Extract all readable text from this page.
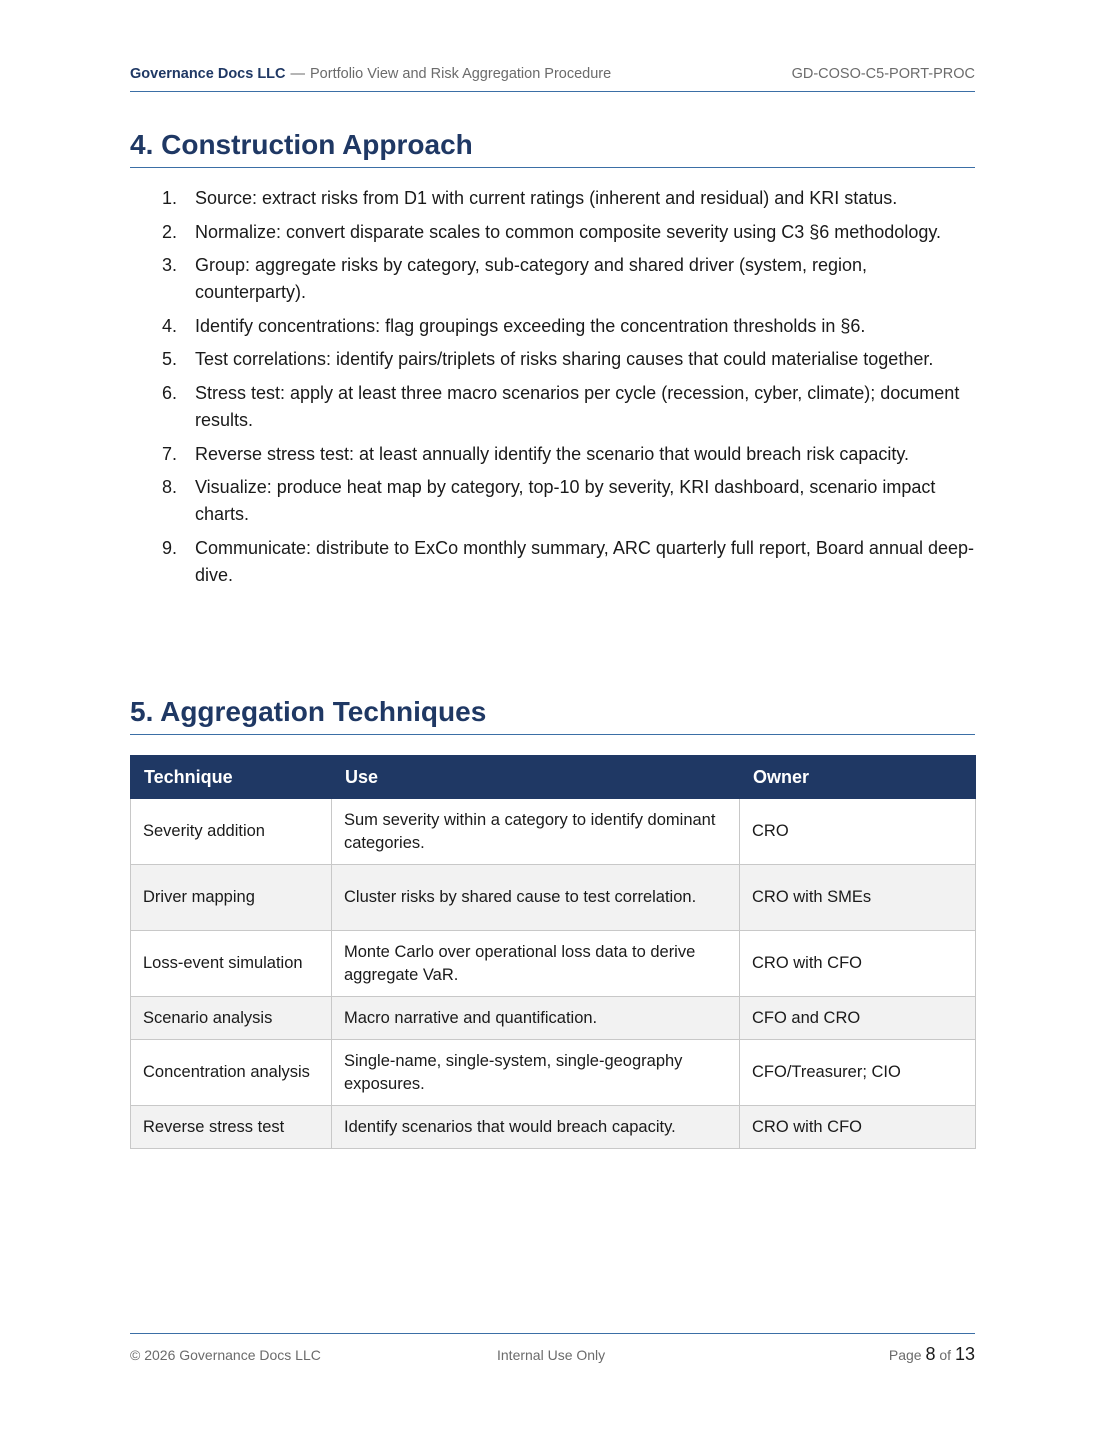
Governance Docs LLC — Portfolio View and Risk Aggregation Procedure	GD-COSO-C5-PORT-PROC
4. Construction Approach
1. Source: extract risks from D1 with current ratings (inherent and residual) and KRI status.
2. Normalize: convert disparate scales to common composite severity using C3 §6 methodology.
3. Group: aggregate risks by category, sub-category and shared driver (system, region, counterparty).
4. Identify concentrations: flag groupings exceeding the concentration thresholds in §6.
5. Test correlations: identify pairs/triplets of risks sharing causes that could materialise together.
6. Stress test: apply at least three macro scenarios per cycle (recession, cyber, climate); document results.
7. Reverse stress test: at least annually identify the scenario that would breach risk capacity.
8. Visualize: produce heat map by category, top-10 by severity, KRI dashboard, scenario impact charts.
9. Communicate: distribute to ExCo monthly summary, ARC quarterly full report, Board annual deep-dive.
5. Aggregation Techniques
Technique	Use	Owner
Severity addition	Sum severity within a category to identify dominant categories.	CRO
Driver mapping	Cluster risks by shared cause to test correlation.	CRO with SMEs
Loss-event simulation	Monte Carlo over operational loss data to derive aggregate VaR.	CRO with CFO
Scenario analysis	Macro narrative and quantification.	CFO and CRO
Concentration analysis	Single-name, single-system, single-geography exposures.	CFO/Treasurer; CIO
Reverse stress test	Identify scenarios that would breach capacity.	CRO with CFO
© 2026 Governance Docs LLC	Internal Use Only	Page 8 of 13
